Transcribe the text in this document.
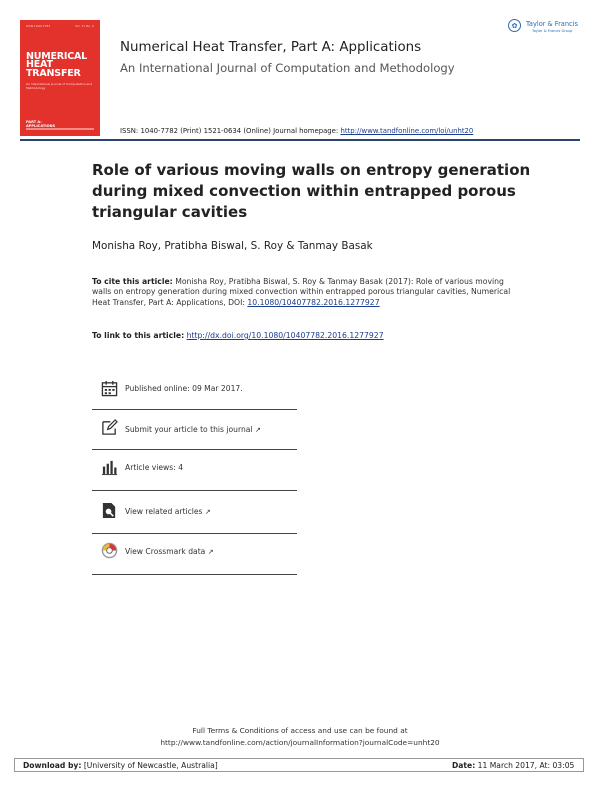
ISSN 1040-7782	Vol. 71 No. 6
NUMERICAL
HEAT
TRANSFER
An International Journal of Computation and Methodology
PART A:
APPLICATIONS
Numerical Heat Transfer, Part A: Applications
An International Journal of Computation and Methodology
ISSN: 1040-7782 (Print) 1521-0634 (Online) Journal homepage: http://www.tandfonline.com/loi/unht20
✿	Taylor & Francis
Taylor & Francis Group
Role of various moving walls on entropy generation during mixed convection within entrapped porous triangular cavities
Monisha Roy, Pratibha Biswal, S. Roy & Tanmay Basak
To cite this article: Monisha Roy, Pratibha Biswal, S. Roy & Tanmay Basak (2017): Role of various moving walls on entropy generation during mixed convection within entrapped porous triangular cavities, Numerical Heat Transfer, Part A: Applications, DOI: 10.1080/10407782.2016.1277927
To link to this article: http://dx.doi.org/10.1080/10407782.2016.1277927
Published online: 09 Mar 2017.
Submit your article to this journal ↗
Article views: 4
View related articles ↗
View Crossmark data ↗
Full Terms & Conditions of access and use can be found at
http://www.tandfonline.com/action/journalInformation?journalCode=unht20
Download by: [University of Newcastle, Australia]	Date: 11 March 2017, At: 03:05
